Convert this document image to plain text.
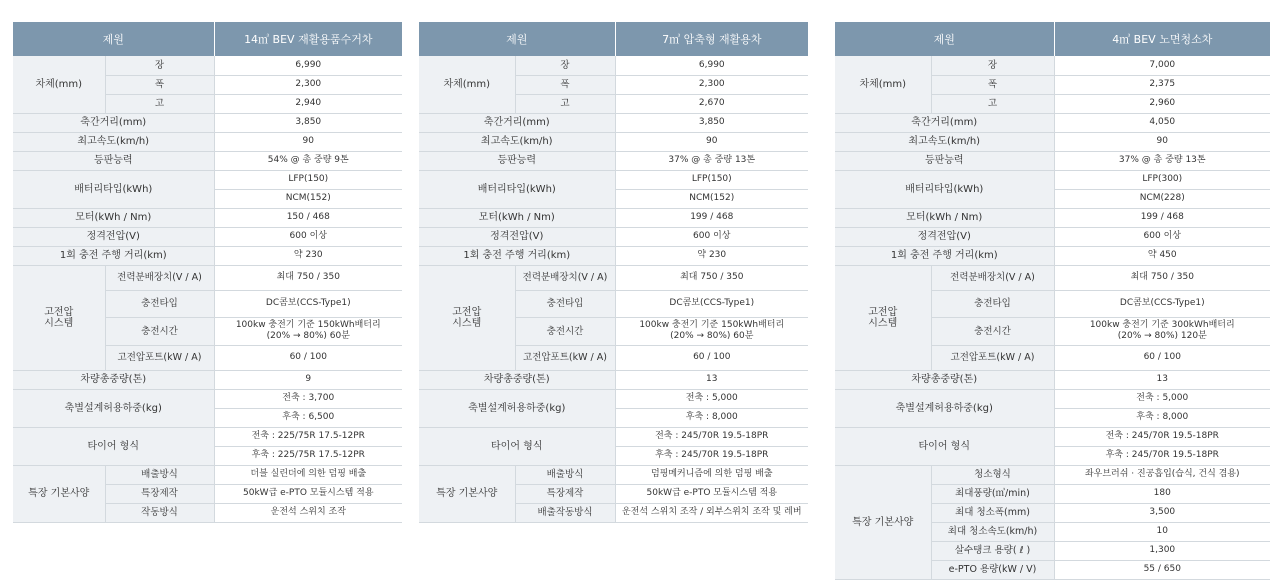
제원		14㎥ BEV 재활용품수거차
차체(mm)	장	6,990
	폭	2,300
	고	2,940
축간거리(mm)		3,850
최고속도(km/h)		90
등판능력		54% @ 총 중량 9톤
배터리타입(kWh)		LFP(150)
		NCM(152)
모터(kWh / Nm)		150 / 468
정격전압(V)		600 이상
1회 충전 주행 거리(km)		약 230
고전압
시스템	전력분배장치(V / A)	최대 750 / 350
	충전타입	DC콤보(CCS-Type1)
	충전시간	100kw 충전기 기준 150kWh배터리
(20% → 80%) 60분
	고전압포트(kW / A)	60 / 100
차량총중량(톤)		9
축별설계허용하중(kg)		전축 : 3,700
		후축 : 6,500
타이어 형식		전축 : 225/75R 17.5-12PR
		후축 : 225/75R 17.5-12PR
특장 기본사양	배출방식	더블 실린더에 의한 덤핑 배출
	특장제작	50kW급 e-PTO 모듈시스템 적용
	작동방식	운전석 스위치 조작
제원		7㎥ 압축형 재활용차
차체(mm)	장	6,990
	폭	2,300
	고	2,670
축간거리(mm)		3,850
최고속도(km/h)		90
등판능력		37% @ 총 중량 13톤
배터리타입(kWh)		LFP(150)
		NCM(152)
모터(kWh / Nm)		199 / 468
정격전압(V)		600 이상
1회 충전 주행 거리(km)		약 230
고전압
시스템	전력분배장치(V / A)	최대 750 / 350
	충전타입	DC콤보(CCS-Type1)
	충전시간	100kw 충전기 기준 150kWh배터리
(20% → 80%) 60분
	고전압포트(kW / A)	60 / 100
차량총중량(톤)		13
축별설계허용하중(kg)		전축 : 5,000
		후축 : 8,000
타이어 형식		전축 : 245/70R 19.5-18PR
		후축 : 245/70R 19.5-18PR
특장 기본사양	배출방식	덤핑메커니즘에 의한 덤핑 배출
	특장제작	50kW급 e-PTO 모듈시스템 적용
	배출작동방식	운전석 스위치 조작 / 외부스위치 조작 및 레버
제원		4㎥ BEV 노면청소차
차체(mm)	장	7,000
	폭	2,375
	고	2,960
축간거리(mm)		4,050
최고속도(km/h)		90
등판능력		37% @ 총 중량 13톤
배터리타입(kWh)		LFP(300)
		NCM(228)
모터(kWh / Nm)		199 / 468
정격전압(V)		600 이상
1회 충전 주행 거리(km)		약 450
고전압
시스템	전력분배장치(V / A)	최대 750 / 350
	충전타입	DC콤보(CCS-Type1)
	충전시간	100kw 충전기 기준 300kWh배터리
(20% → 80%) 120분
	고전압포트(kW / A)	60 / 100
차량총중량(톤)		13
축별설계허용하중(kg)		전축 : 5,000
		후축 : 8,000
타이어 형식		전축 : 245/70R 19.5-18PR
		후축 : 245/70R 19.5-18PR
특장 기본사양	청소형식	좌우브러쉬 · 진공흡입(습식, 건식 겸용)
	최대풍량(㎥/min)	180
	최대 청소폭(mm)	3,500
	최대 청소속도(km/h)	10
	살수탱크 용량( ℓ )	1,300
	e-PTO 용량(kW / V)	55 / 650
